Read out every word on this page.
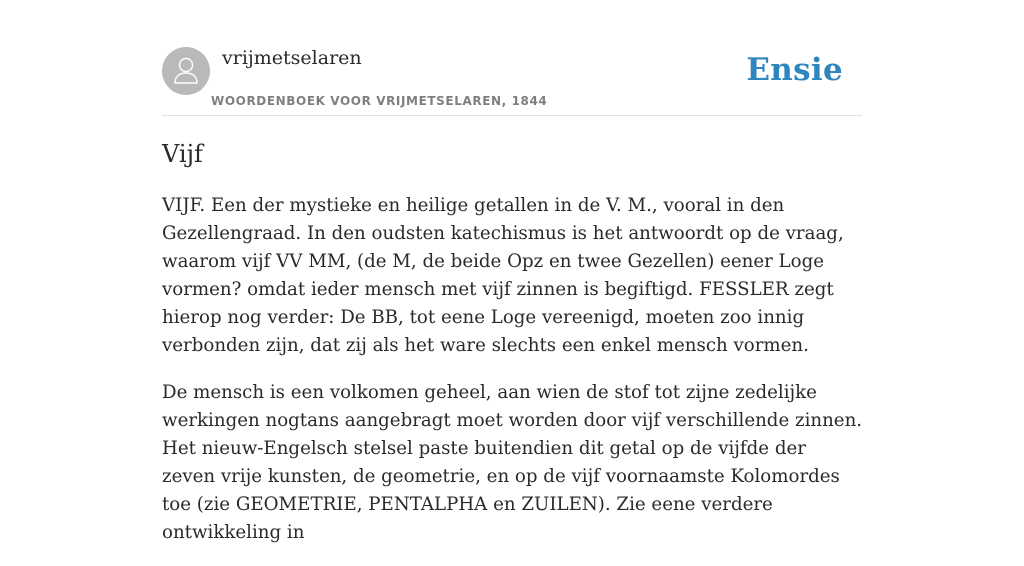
vrijmetselaren
WOORDENBOEK VOOR VRIJMETSELAREN, 1844
Ensie
Vijf

VIJF. Een der mystieke en heilige getallen in de V. M., vooral in den Gezellengraad. In den oudsten katechismus is het antwoordt op de vraag, waarom vijf VV MM, (de M, de beide Opz en twee Gezellen) eener Loge vormen? omdat ieder mensch met vijf zinnen is begiftigd. FESSLER zegt hierop nog verder: De BB, tot eene Loge vereenigd, moeten zoo innig verbonden zijn, dat zij als het ware slechts een enkel mensch vormen.

De mensch is een volkomen geheel, aan wien de stof tot zijne zedelijke werkingen nogtans aangebragt moet worden door vijf verschillende zinnen. Het nieuw-Engelsch stelsel paste buitendien dit getal op de vijfde der zeven vrije kunsten, de geometrie, en op de vijf voornaamste Kolomordes toe (zie GEOMETRIE, PENTALPHA en ZUILEN). Zie eene verdere ontwikkeling in
